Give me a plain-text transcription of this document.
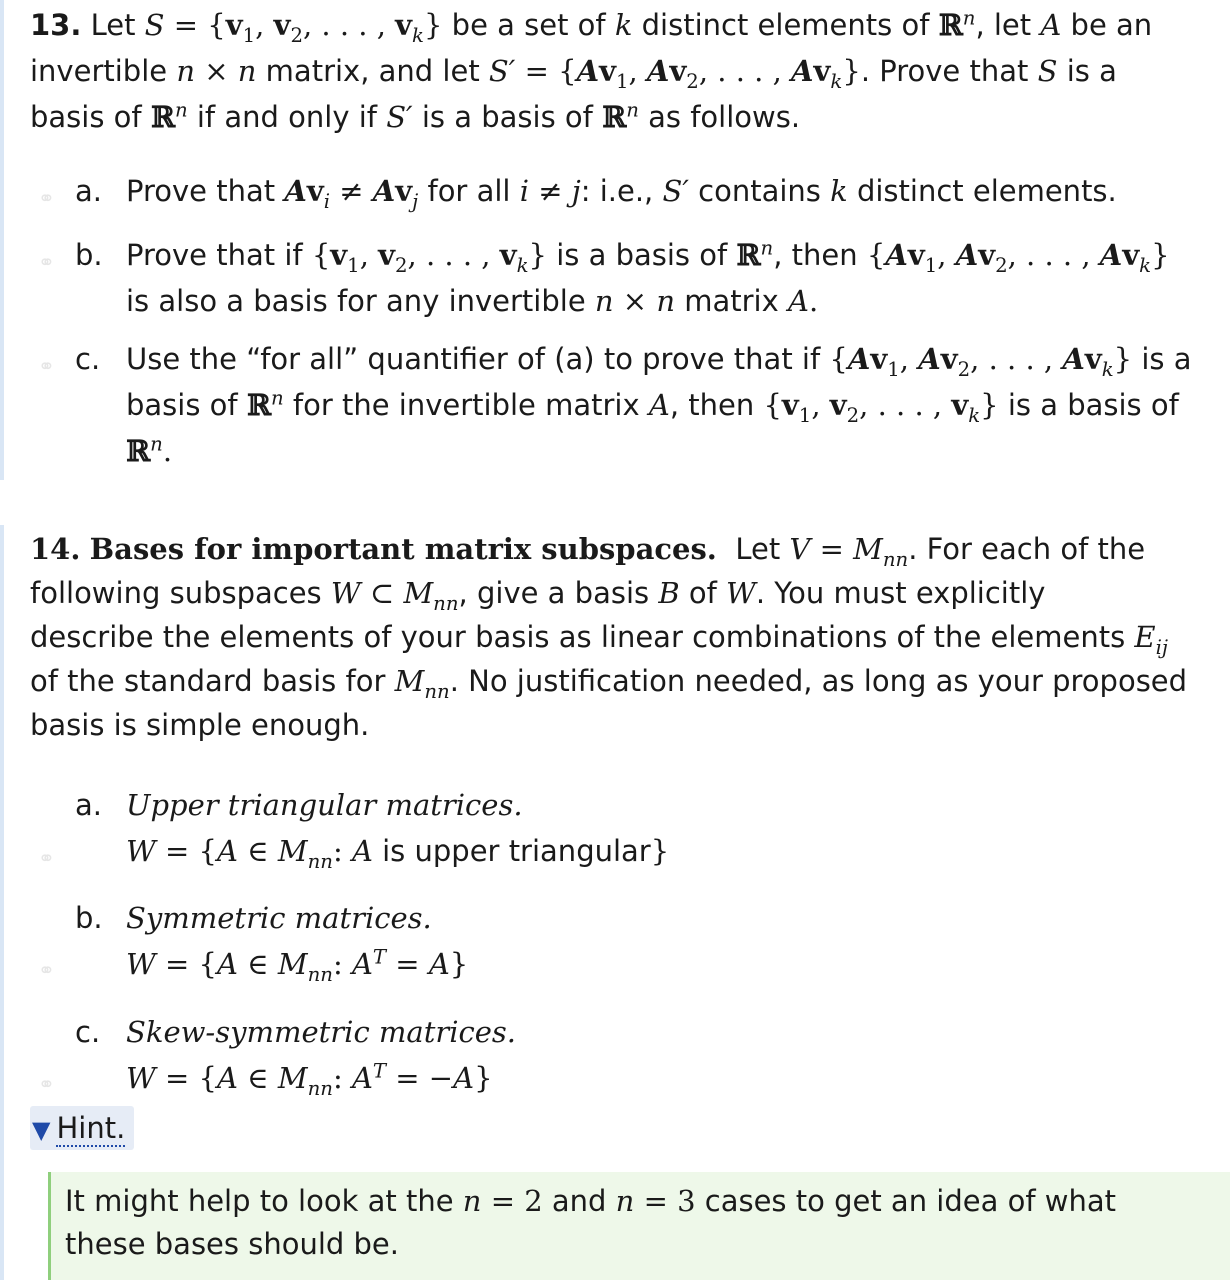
13. Let $S = \{v_1$, $v_2$, . . . , $v_k$} be a set of k distinct elements of ℝ$^n$, let A be an
invertible n × n matrix, and let $S' = \{Av_1$, $Av_2$, . . . , $Av_k$}. Prove that S is a
basis of ℝ$^n$ if and only if S′ is a basis of ℝ$^n$ as follows.
⚭ a. Prove that $Av_i \ne Av_j$ for all i ≠ j: i.e., S′ contains k distinct elements.
⚭ b. Prove that if {$v_1$, $v_2$, . . . , $v_k$} is a basis of ℝ$^n$, then {$Av_1$, $Av_2$, . . . , $Av_k$}
is also a basis for any invertible n × n matrix A.
⚭ c. Use the “for all” quantifier of (a) to prove that if {$Av_1$, $Av_2$, . . . , $Av_k$} is a
basis of ℝ$^n$ for the invertible matrix A, then {$v_1$, $v_2$, . . . , $v_k$} is a basis of
ℝ$^n$.
14. Bases for important matrix subspaces. Let $V = M_{nn}$. For each of the
following subspaces W ⊂ $M_{nn}$, give a basis B of W. You must explicitly
describe the elements of your basis as linear combinations of the elements $E_{ij}$
of the standard basis for $M_{nn}$. No justification needed, as long as your proposed
basis is simple enough.
a. Upper triangular matrices.
W = {A ∈ $M_{nn}$: A is upper triangular}
⚭
b. Symmetric matrices.
W = {A ∈ $M_{nn}$: $A^T = A$}
⚭
c. Skew-symmetric matrices.
W = {A ∈ $M_{nn}$: $A^T = -A$}
⚭
▼ Hint.
It might help to look at the n = 2 and n = 3 cases to get an idea of what
these bases should be.
